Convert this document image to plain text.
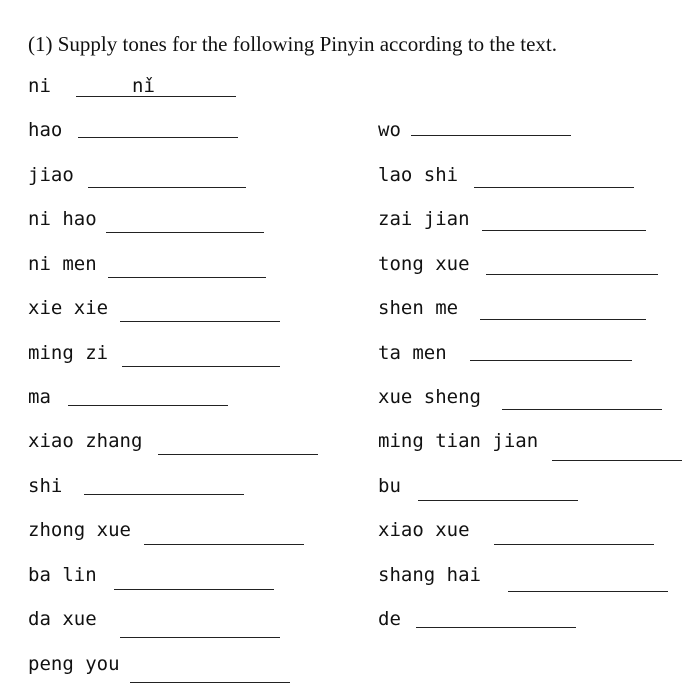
(1) Supply tones for the following Pinyin according to the text.
ni	nǐ
hao
jiao
ni hao
ni men
xie xie
ming zi
ma
xiao zhang
shi
zhong xue
ba lin
da xue
peng you
wo
lao shi
zai jian
tong xue
shen me
ta men
xue sheng
ming tian jian
bu
xiao xue
shang hai
de
